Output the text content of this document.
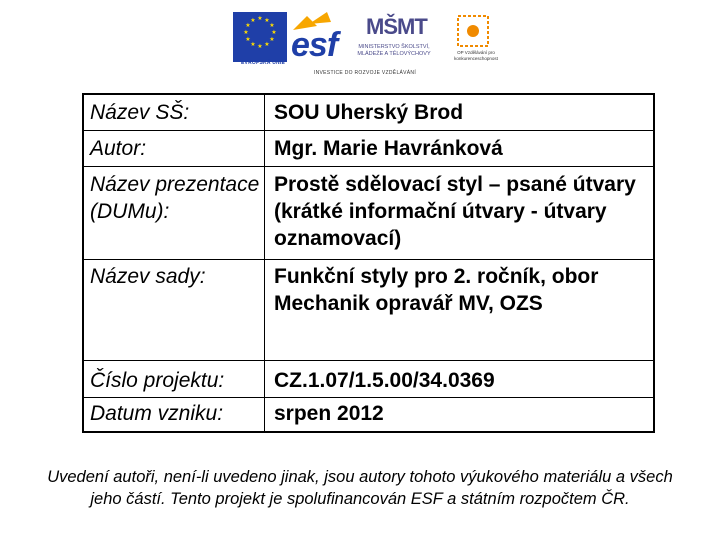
★ ★
★
★
★
★
★
★
★
★
★
★
EVROPSKÁ UNIE esf MŠMT
MINISTERSTVO ŠKOLSTVÍ, MLÁDEŽE A TĚLOVÝCHOVY	OP Vzdělávání pro konkurenceschopnost
INVESTICE DO ROZVOJE VZDĚLÁVÁNÍ
Název SŠ:	SOU Uherský Brod
Autor:	Mgr. Marie Havránková
Název prezentace (DUMu):
Prostě sdělovací styl – psané útvary (krátké informační útvary - útvary oznamovací)
Název sady:	Funkční styly pro 2. ročník, obor Mechanik opravář MV, OZS
Číslo projektu: CZ.1.07/1.5.00/34.0369
Datum vzniku: srpen 2012
Uvedení autoři, není-li uvedeno jinak, jsou autory tohoto výukového materiálu a všech jeho částí. Tento projekt je spolufinancován ESF a státním rozpočtem ČR.
